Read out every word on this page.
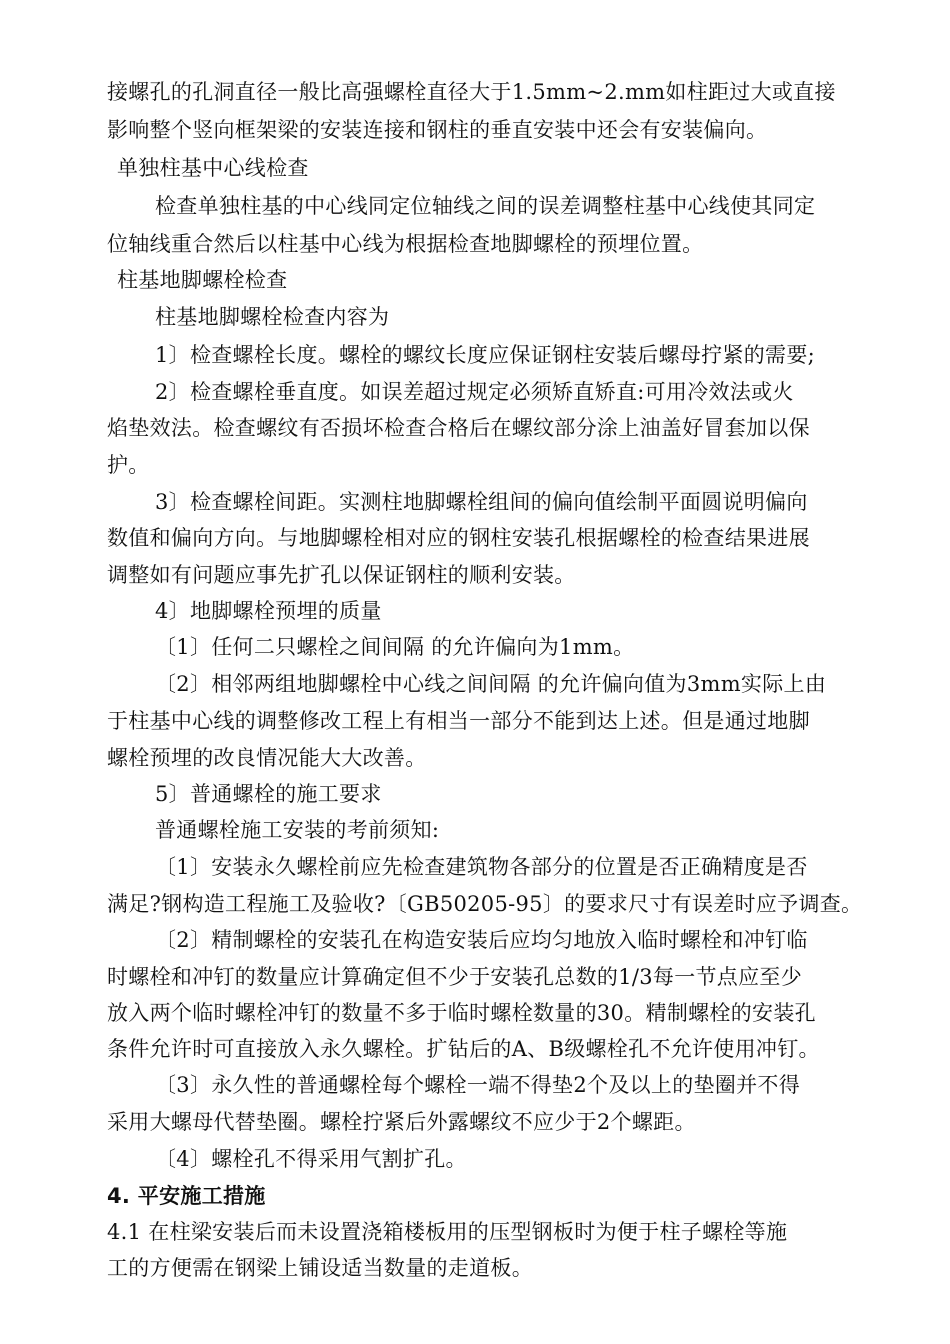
接螺孔的孔洞直径一般比高强螺栓直径大于1.5mm~2.mm如柱距过大或直接
影响整个竖向框架梁的安装连接和钢柱的垂直安装中还会有安装偏向。
单独柱基中心线检查
检查单独柱基的中心线同定位轴线之间的误差调整柱基中心线使其同定
位轴线重合然后以柱基中心线为根据检查地脚螺栓的预埋位置。
柱基地脚螺栓检查
柱基地脚螺栓检查内容为
1〕检查螺栓长度。螺栓的螺纹长度应保证钢柱安装后螺母拧紧的需要;
2〕检查螺栓垂直度。如误差超过规定必须矫直矫直:可用冷效法或火
焰垫效法。检查螺纹有否损坏检查合格后在螺纹部分涂上油盖好冒套加以保
护。
3〕检查螺栓间距。实测柱地脚螺栓组间的偏向值绘制平面圆说明偏向
数值和偏向方向。与地脚螺栓相对应的钢柱安装孔根据螺栓的检查结果进展
调整如有问题应事先扩孔以保证钢柱的顺利安装。
4〕地脚螺栓预埋的质量
〔1〕任何二只螺栓之间间隔 的允许偏向为1mm。
〔2〕相邻两组地脚螺栓中心线之间间隔 的允许偏向值为3mm实际上由
于柱基中心线的调整修改工程上有相当一部分不能到达上述。但是通过地脚
螺栓预埋的改良情况能大大改善。
5〕普通螺栓的施工要求
普通螺栓施工安装的考前须知:
〔1〕安装永久螺栓前应先检查建筑物各部分的位置是否正确精度是否
满足?钢构造工程施工及验收?〔GB50205-95〕的要求尺寸有误差时应予调查。
〔2〕精制螺栓的安装孔在构造安装后应均匀地放入临时螺栓和冲钉临
时螺栓和冲钉的数量应计算确定但不少于安装孔总数的1/3每一节点应至少
放入两个临时螺栓冲钉的数量不多于临时螺栓数量的30。精制螺栓的安装孔
条件允许时可直接放入永久螺栓。扩钻后的A、B级螺栓孔不允许使用冲钉。
〔3〕永久性的普通螺栓每个螺栓一端不得垫2个及以上的垫圈并不得
采用大螺母代替垫圈。螺栓拧紧后外露螺纹不应少于2个螺距。
〔4〕螺栓孔不得采用气割扩孔。
4. 平安施工措施
4.1 在柱梁安装后而未设置浇箱楼板用的压型钢板时为便于柱子螺栓等施
工的方便需在钢梁上铺设适当数量的走道板。
